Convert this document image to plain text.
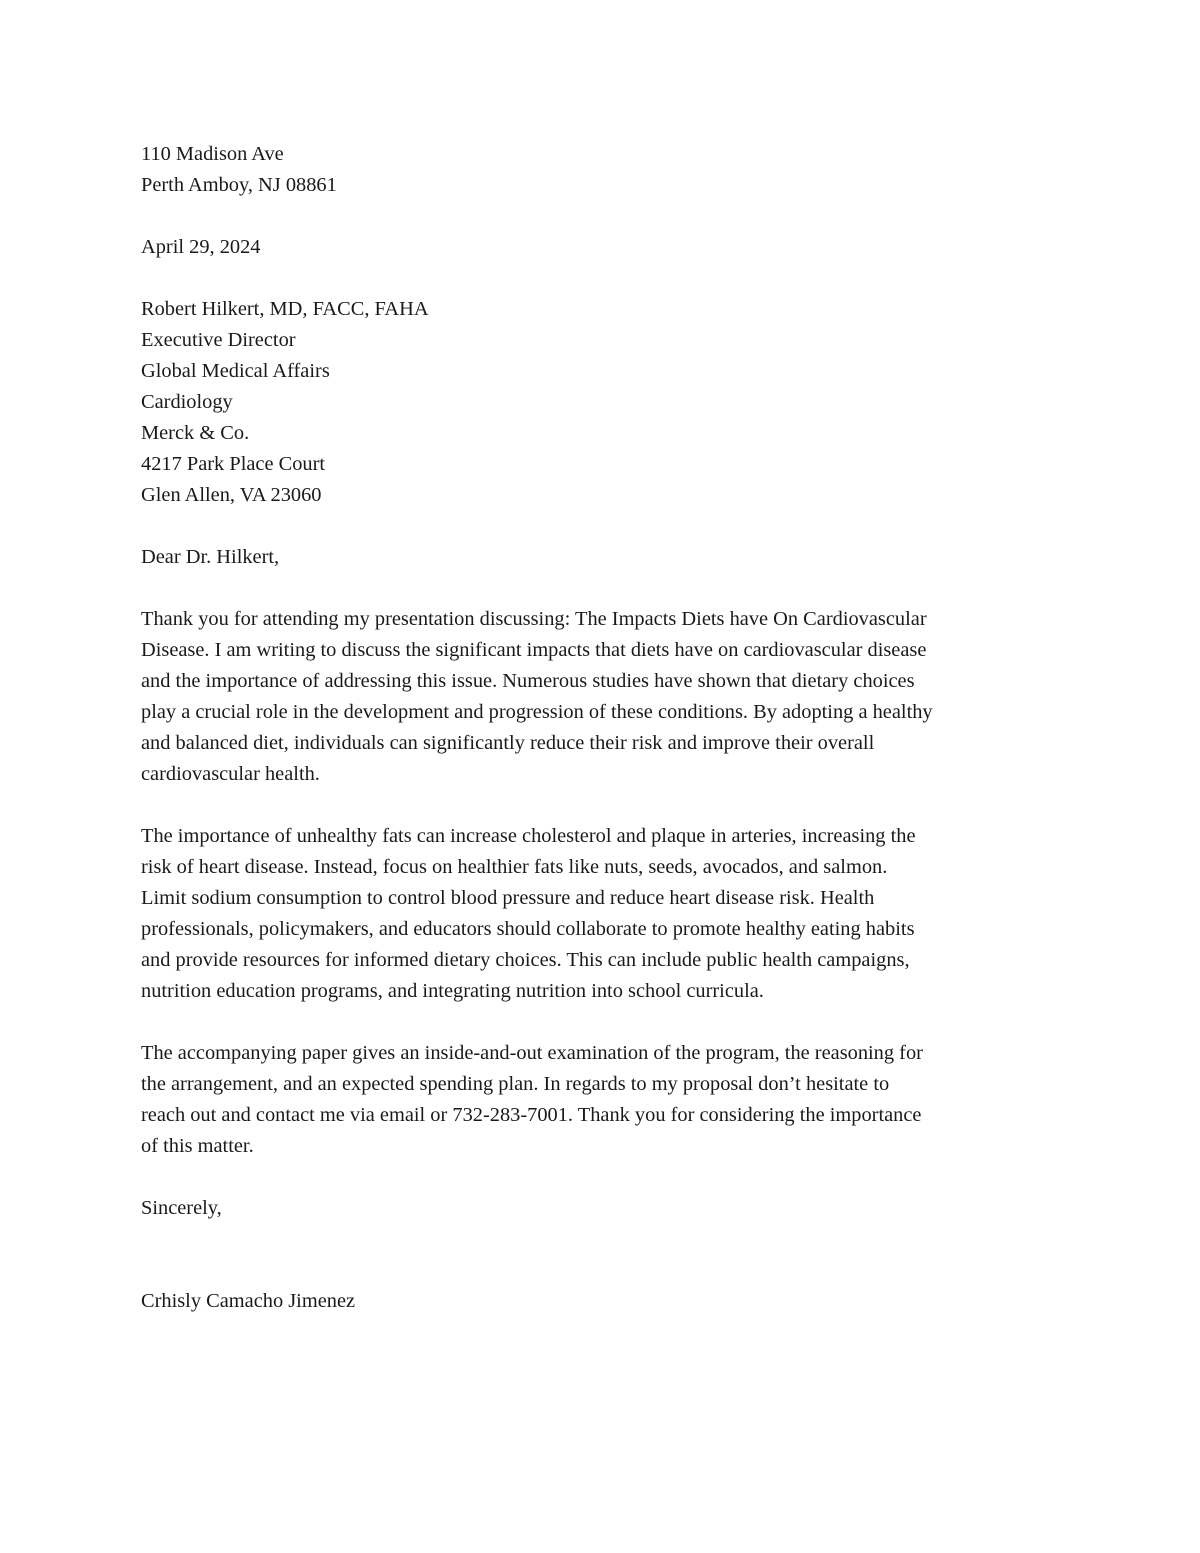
110 Madison Ave
Perth Amboy, NJ 08861
April 29, 2024
Robert Hilkert, MD, FACC, FAHA
Executive Director
Global Medical Affairs
Cardiology
Merck & Co.
4217 Park Place Court
Glen Allen, VA 23060
Dear Dr. Hilkert,
Thank you for attending my presentation discussing: The Impacts Diets have On Cardiovascular
Disease. I am writing to discuss the significant impacts that diets have on cardiovascular disease
and the importance of addressing this issue. Numerous studies have shown that dietary choices
play a crucial role in the development and progression of these conditions. By adopting a healthy
and balanced diet, individuals can significantly reduce their risk and improve their overall
cardiovascular health.
The importance of unhealthy fats can increase cholesterol and plaque in arteries, increasing the
risk of heart disease. Instead, focus on healthier fats like nuts, seeds, avocados, and salmon.
Limit sodium consumption to control blood pressure and reduce heart disease risk. Health
professionals, policymakers, and educators should collaborate to promote healthy eating habits
and provide resources for informed dietary choices. This can include public health campaigns,
nutrition education programs, and integrating nutrition into school curricula.
The accompanying paper gives an inside-and-out examination of the program, the reasoning for
the arrangement, and an expected spending plan. In regards to my proposal don’t hesitate to
reach out and contact me via email or 732-283-7001. Thank you for considering the importance
of this matter.
Sincerely,
Crhisly Camacho Jimenez
